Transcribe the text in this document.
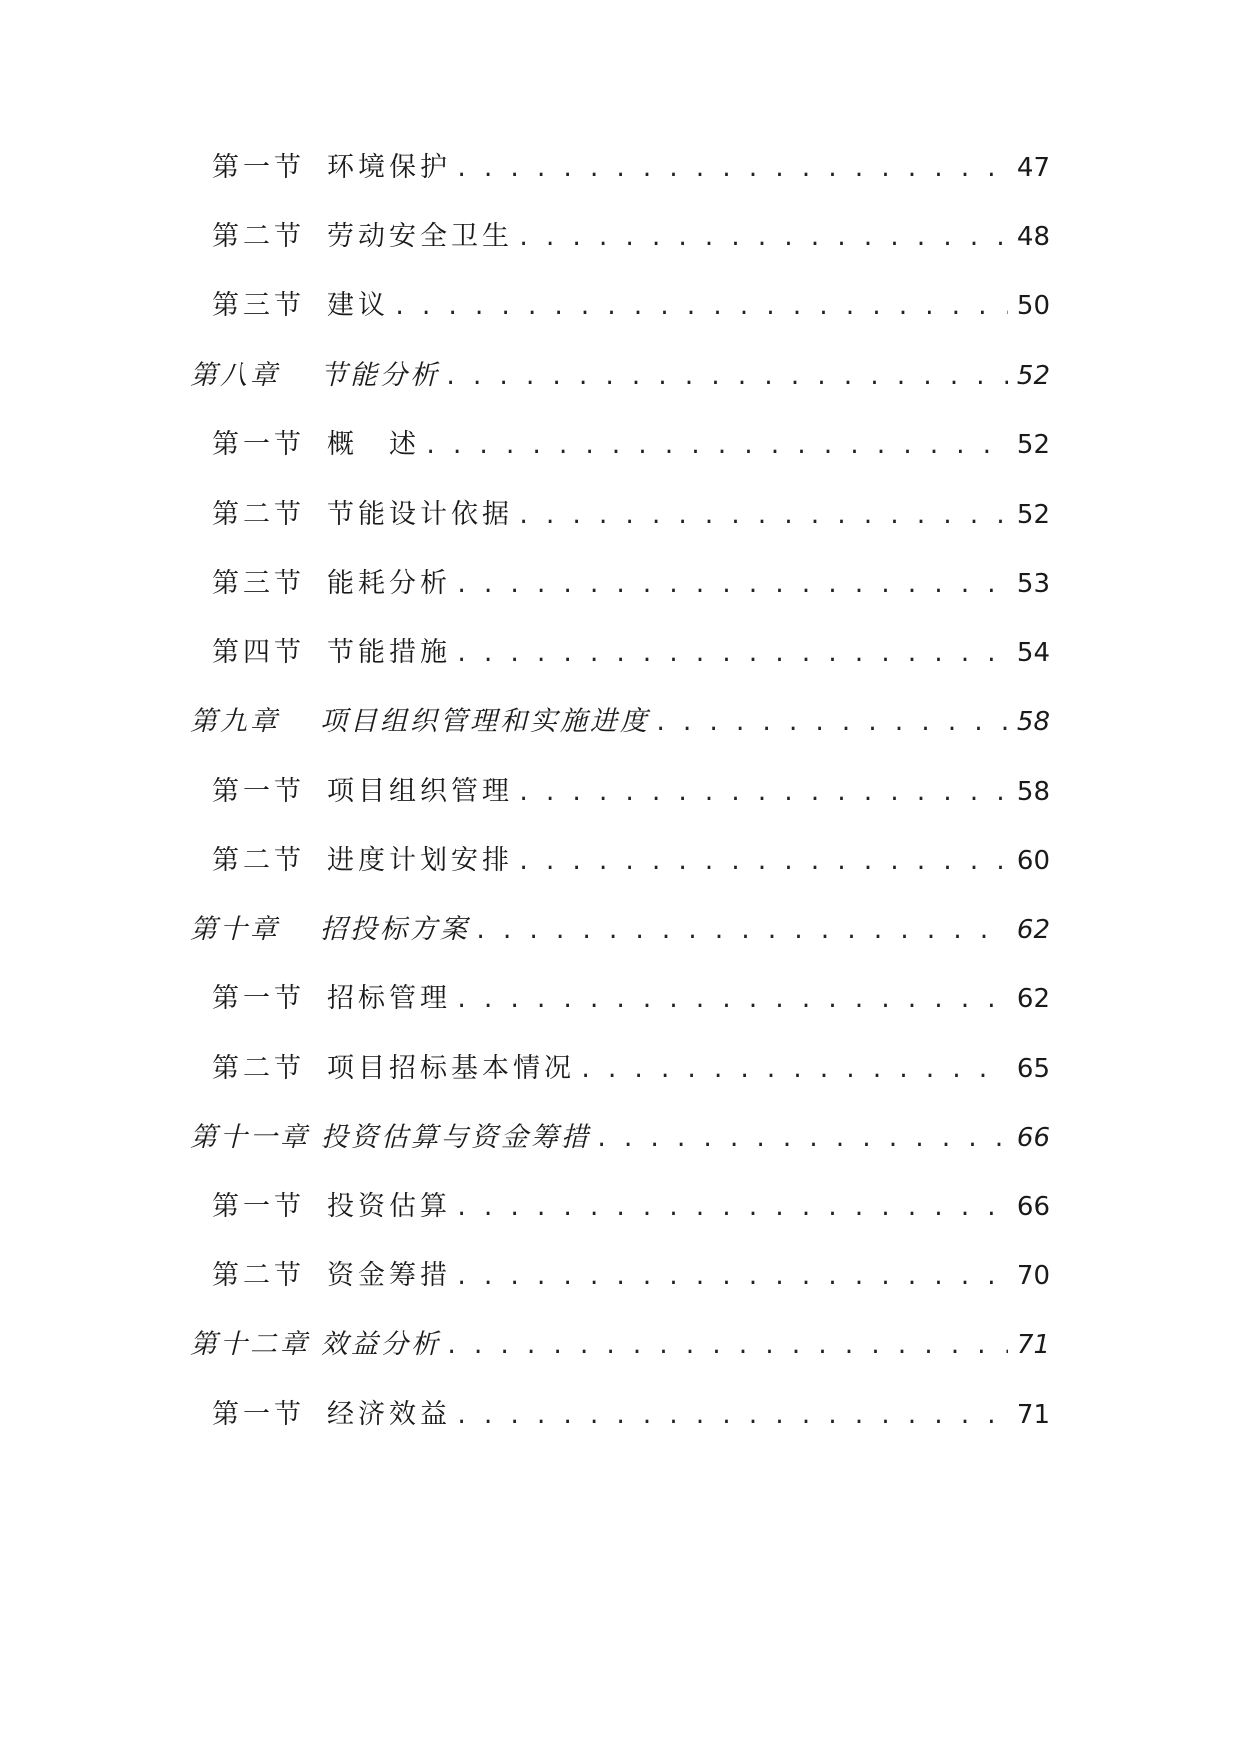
第一节 环境保护 . . .	47
第二节 劳动安全卫生 . . .	48
第三节 建议 . . .	50
第八章	节能分析 . . .	52
第一节 概　述 . . .	52
第二节 节能设计依据 . . .	52
第三节 能耗分析 . . .	53
第四节 节能措施 . . .	54
第九章	项目组织管理和实施进度 . . .	58
第一节 项目组织管理 . . .	58
第二节 进度计划安排 . . .	60
第十章	招投标方案 . . .	62
第一节 招标管理 . . .	62
第二节 项目招标基本情况 . . .	65
第十一章 投资估算与资金筹措 . . .	66
第一节 投资估算 . . .	66
第二节 资金筹措 . . .	70
第十二章 效益分析 . . .	71
第一节 经济效益 . . .	71
